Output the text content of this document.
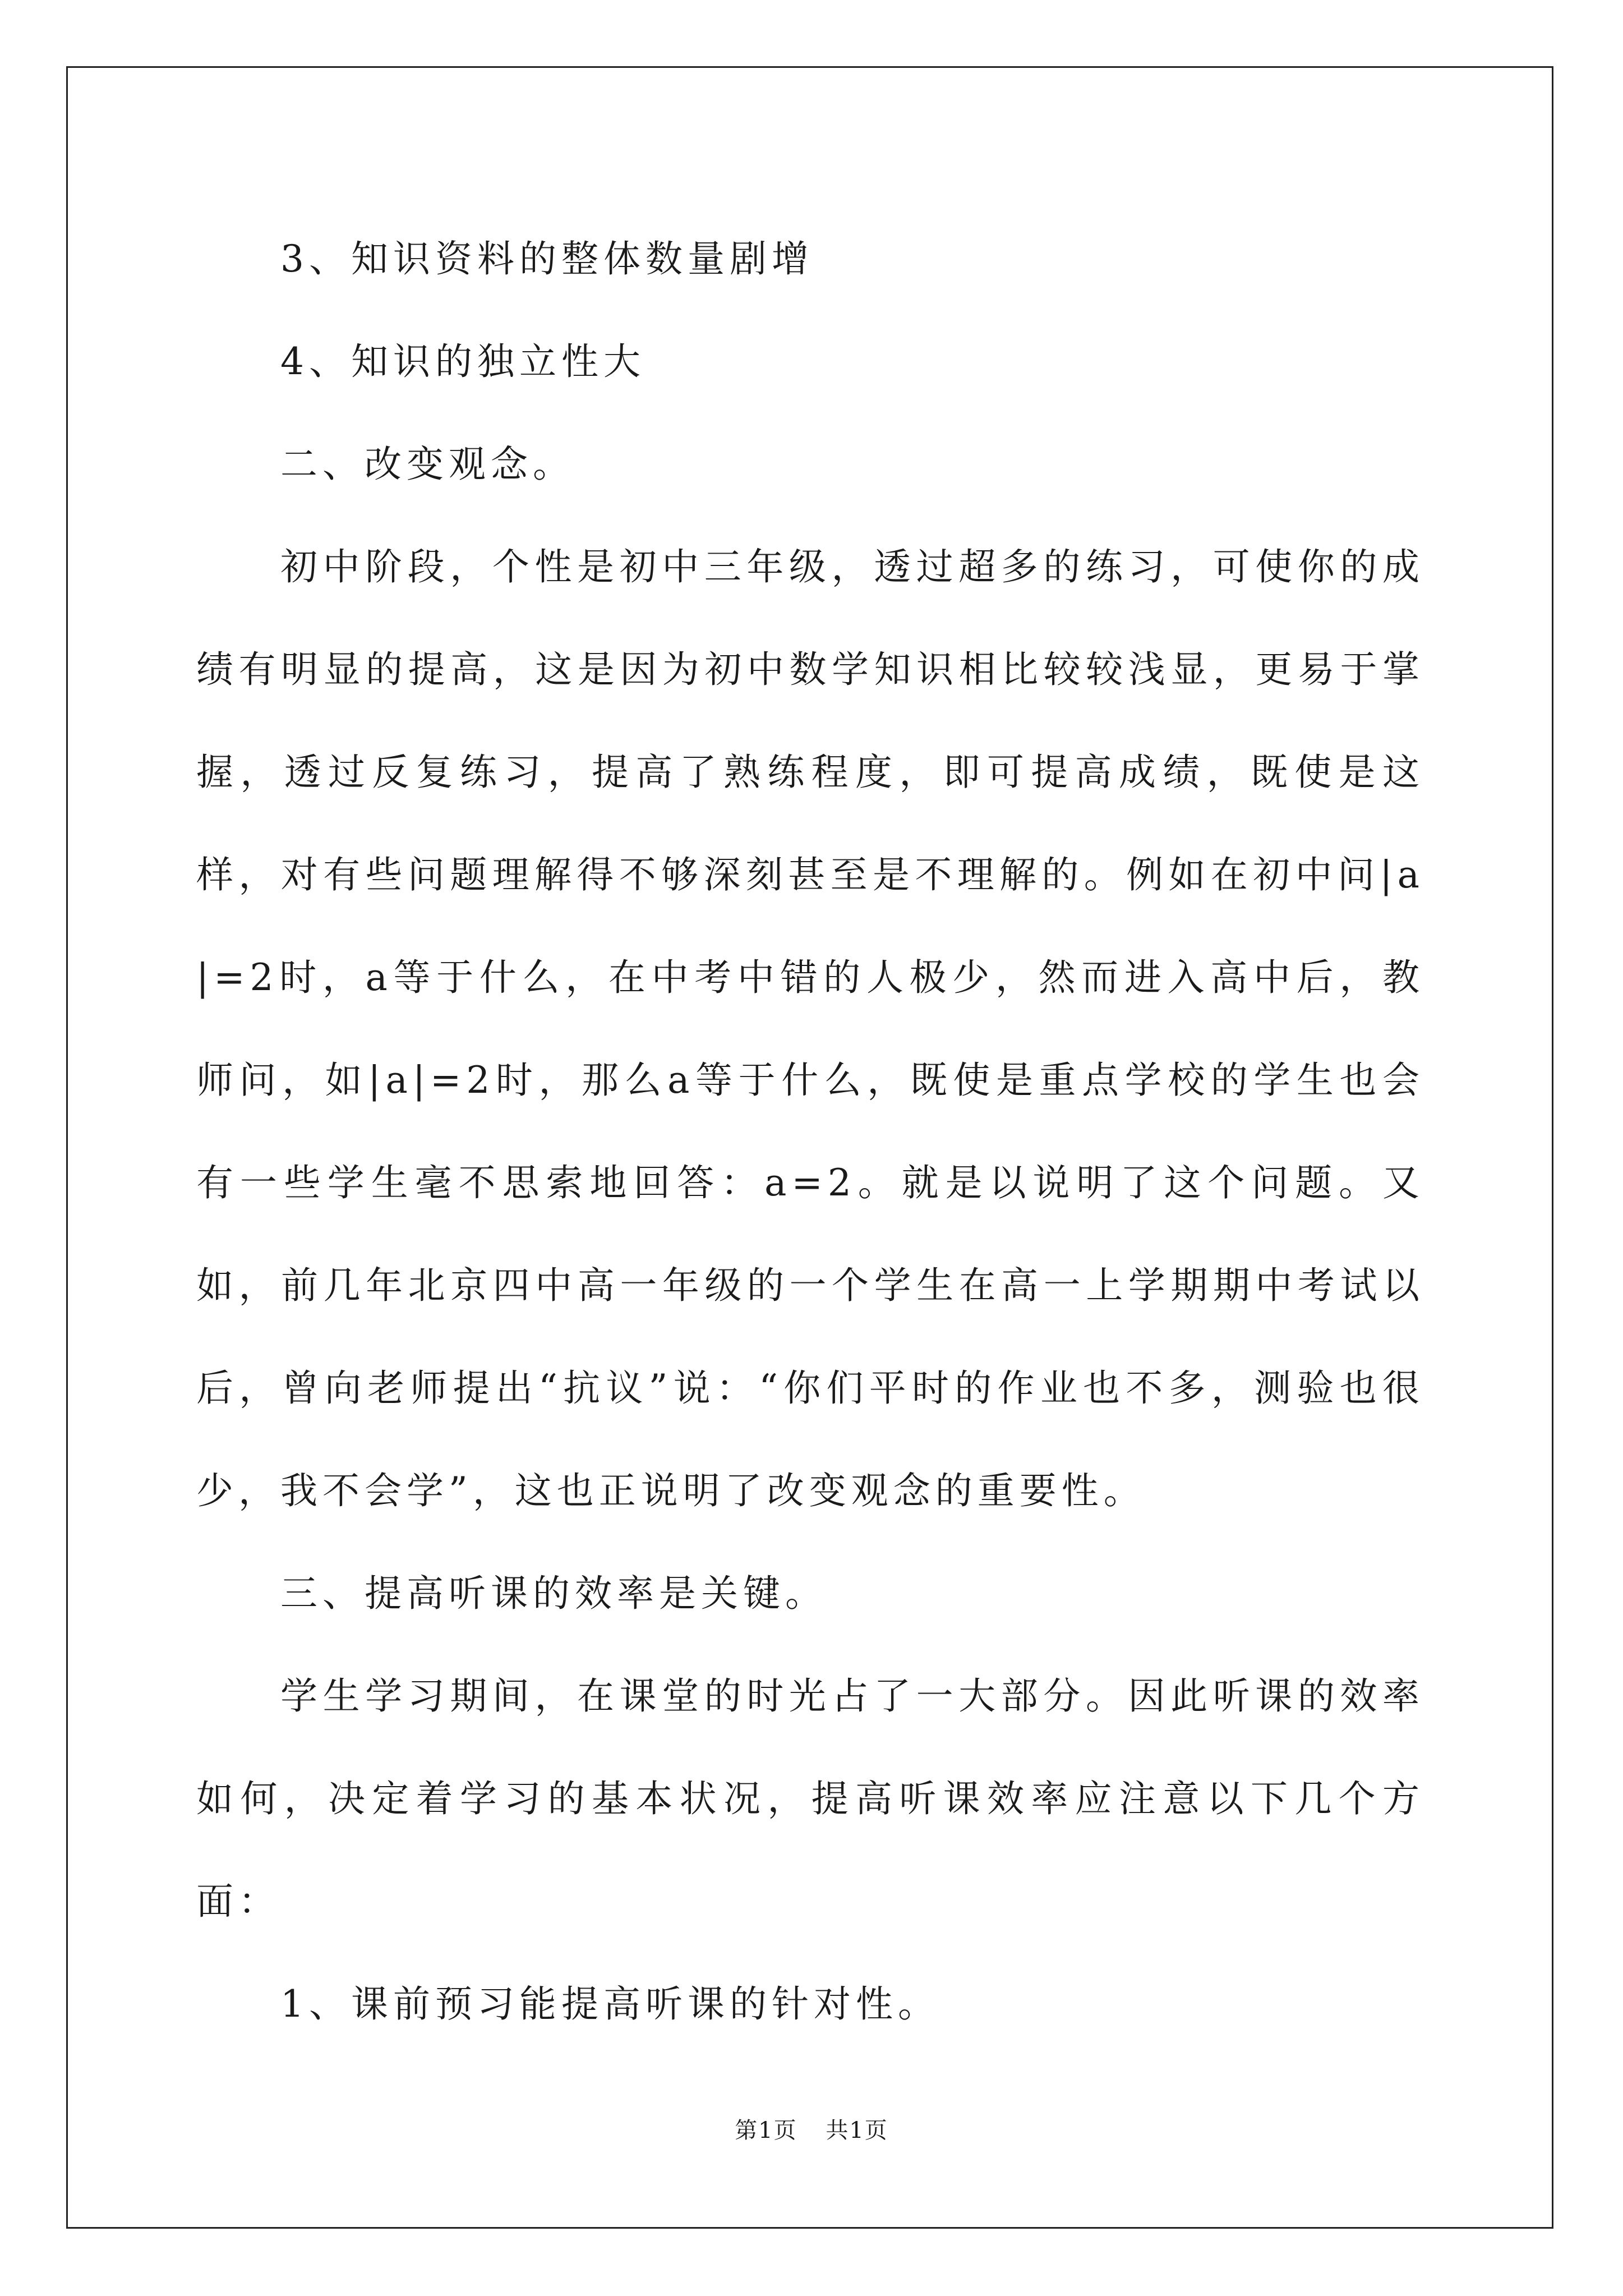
3、知识资料的整体数量剧增

4、知识的独立性大

二、改变观念。

初中阶段，个性是初中三年级，透过超多的练习，可使你的成绩有明显的提高，这是因为初中数学知识相比较较浅显，更易于掌握，透过反复练习，提高了熟练程度，即可提高成绩，既使是这样，对有些问题理解得不够深刻甚至是不理解的。例如在初中问|a|=2时，a等于什么，在中考中错的人极少，然而进入高中后，教师问，如|a|=2时，那么a等于什么，既使是重点学校的学生也会有一些学生毫不思索地回答：a=2。就是以说明了这个问题。又如，前几年北京四中高一年级的一个学生在高一上学期期中考试以后，曾向老师提出“抗议”说：“你们平时的作业也不多，测验也很少，我不会学”，这也正说明了改变观念的重要性。

三、提高听课的效率是关键。

学生学习期间，在课堂的时光占了一大部分。因此听课的效率如何，决定着学习的基本状况，提高听课效率应注意以下几个方面：

1、课前预习能提高听课的针对性。

第1页 共1页
